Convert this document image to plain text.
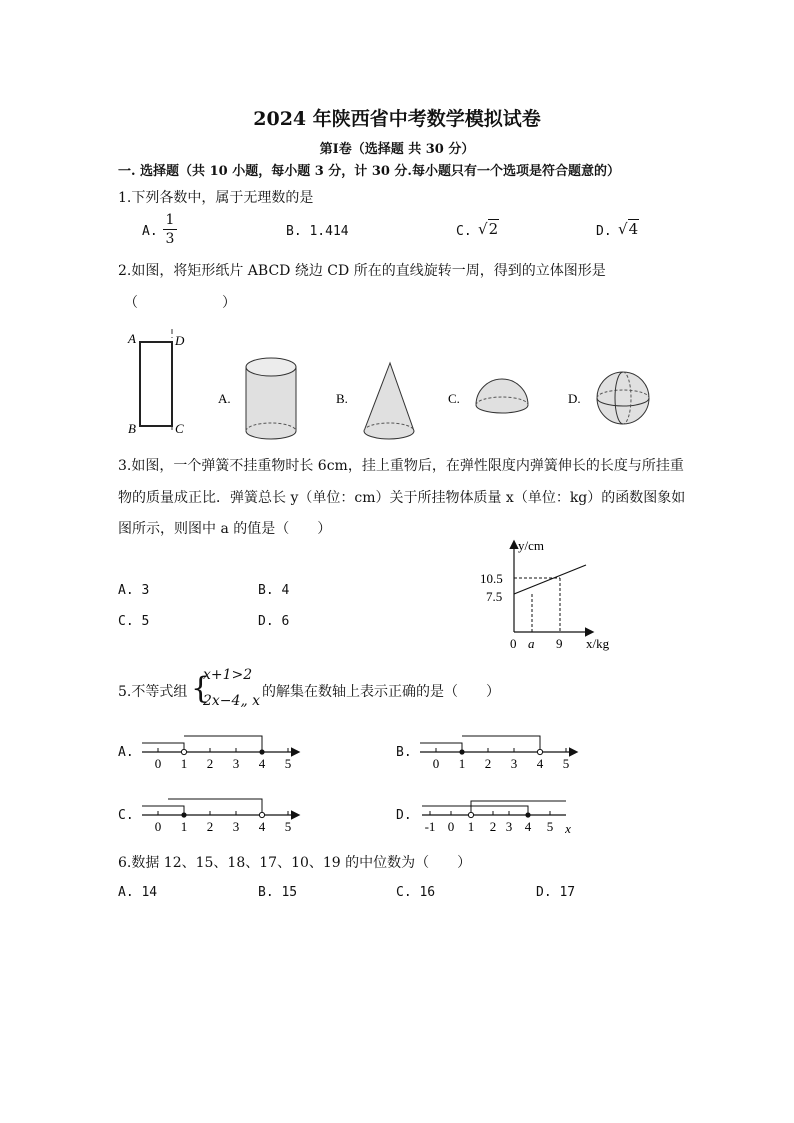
2024 年陕西省中考数学模拟试卷
第Ⅰ卷（选择题 共 30 分）
一. 选择题（共 10 小题，每小题 3 分，计 30 分.每小题只有一个选项是符合题意的）
1.下列各数中，属于无理数的是
A.
1
3	B. 1.414	C. √2	D. √4
2.如图，将矩形纸片 ABCD 绕边 CD 所在的直线旋转一周，得到的立体图形是
（　　　　　　）
A	D
B	C
A.	B.	C.	D.
3.如图，一个弹簧不挂重物时长 6cm，挂上重物后，在弹性限度内弹簧伸长的长度与所挂重
物的质量成正比．弹簧总长 y（单位：cm）关于所挂物体质量 x（单位：kg）的函数图象如
图所示，则图中 a 的值是（　　）
A. 3	B. 4
C. 5	D. 6
y/cm
10.5
7.5
0 a 9 x/kg
5.不等式组 {
x+1>2
2x−4„ x
的解集在数轴上表示正确的是（　　）
A.
0 1 2 3 4 5
B.
0 1 2 3 4 5
C.
0 1 2 3 4 5
D.
-1 0 1 2 3 4 5 x
6.数据 12、15、18、17、10、19 的中位数为（　　）
A. 14	B. 15	C. 16	D. 17
